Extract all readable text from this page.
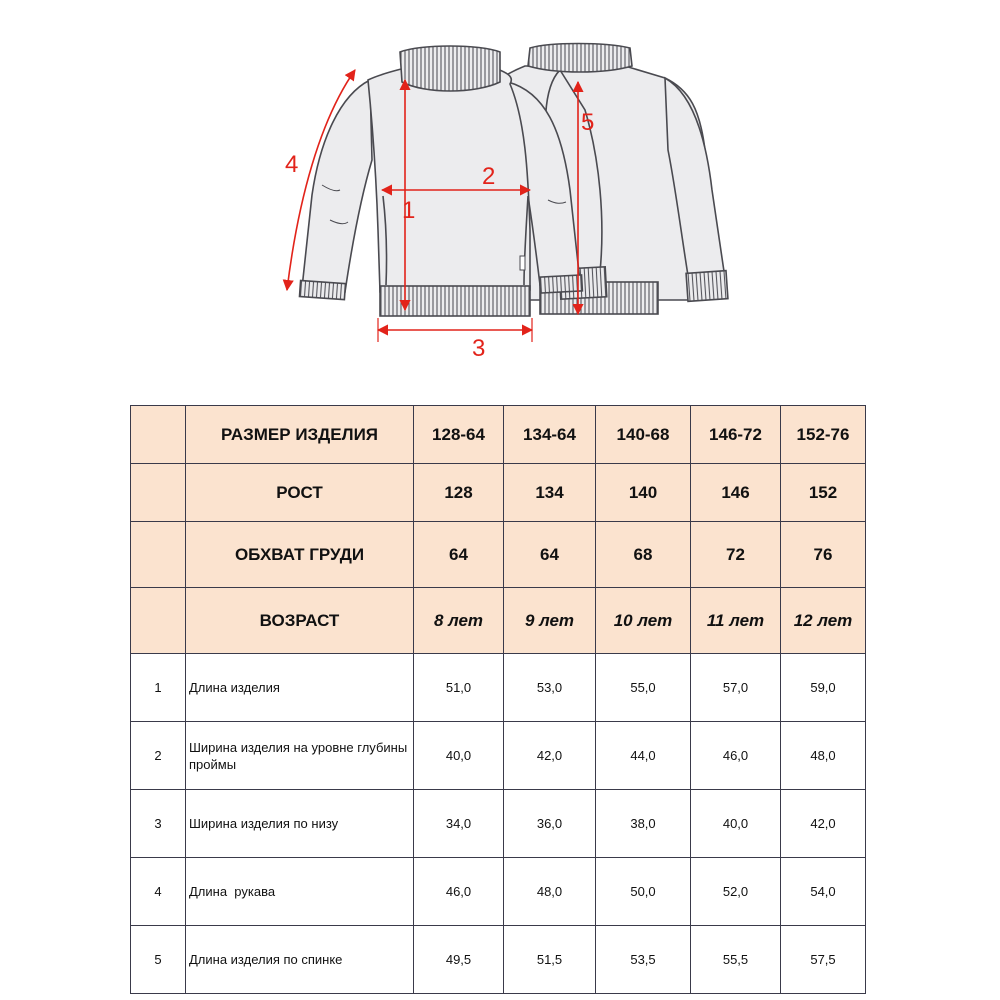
1
2
3
4
5
	РАЗМЕР ИЗДЕЛИЯ	128-64	134-64	140-68	146-72	152-76
	РОСТ	128	134	140	146	152
	ОБХВАТ ГРУДИ	64	64	68	72	76
	ВОЗРАСТ	8 лет	9 лет	10 лет	11 лет	12 лет
1	Длина изделия	51,0	53,0	55,0	57,0	59,0
2	Ширина изделия на уровне глубины проймы	40,0	42,0	44,0	46,0	48,0
3	Ширина изделия по низу	34,0	36,0	38,0	40,0	42,0
4	Длина  рукава	46,0	48,0	50,0	52,0	54,0
5	Длина изделия по спинке	49,5	51,5	53,5	55,5	57,5
